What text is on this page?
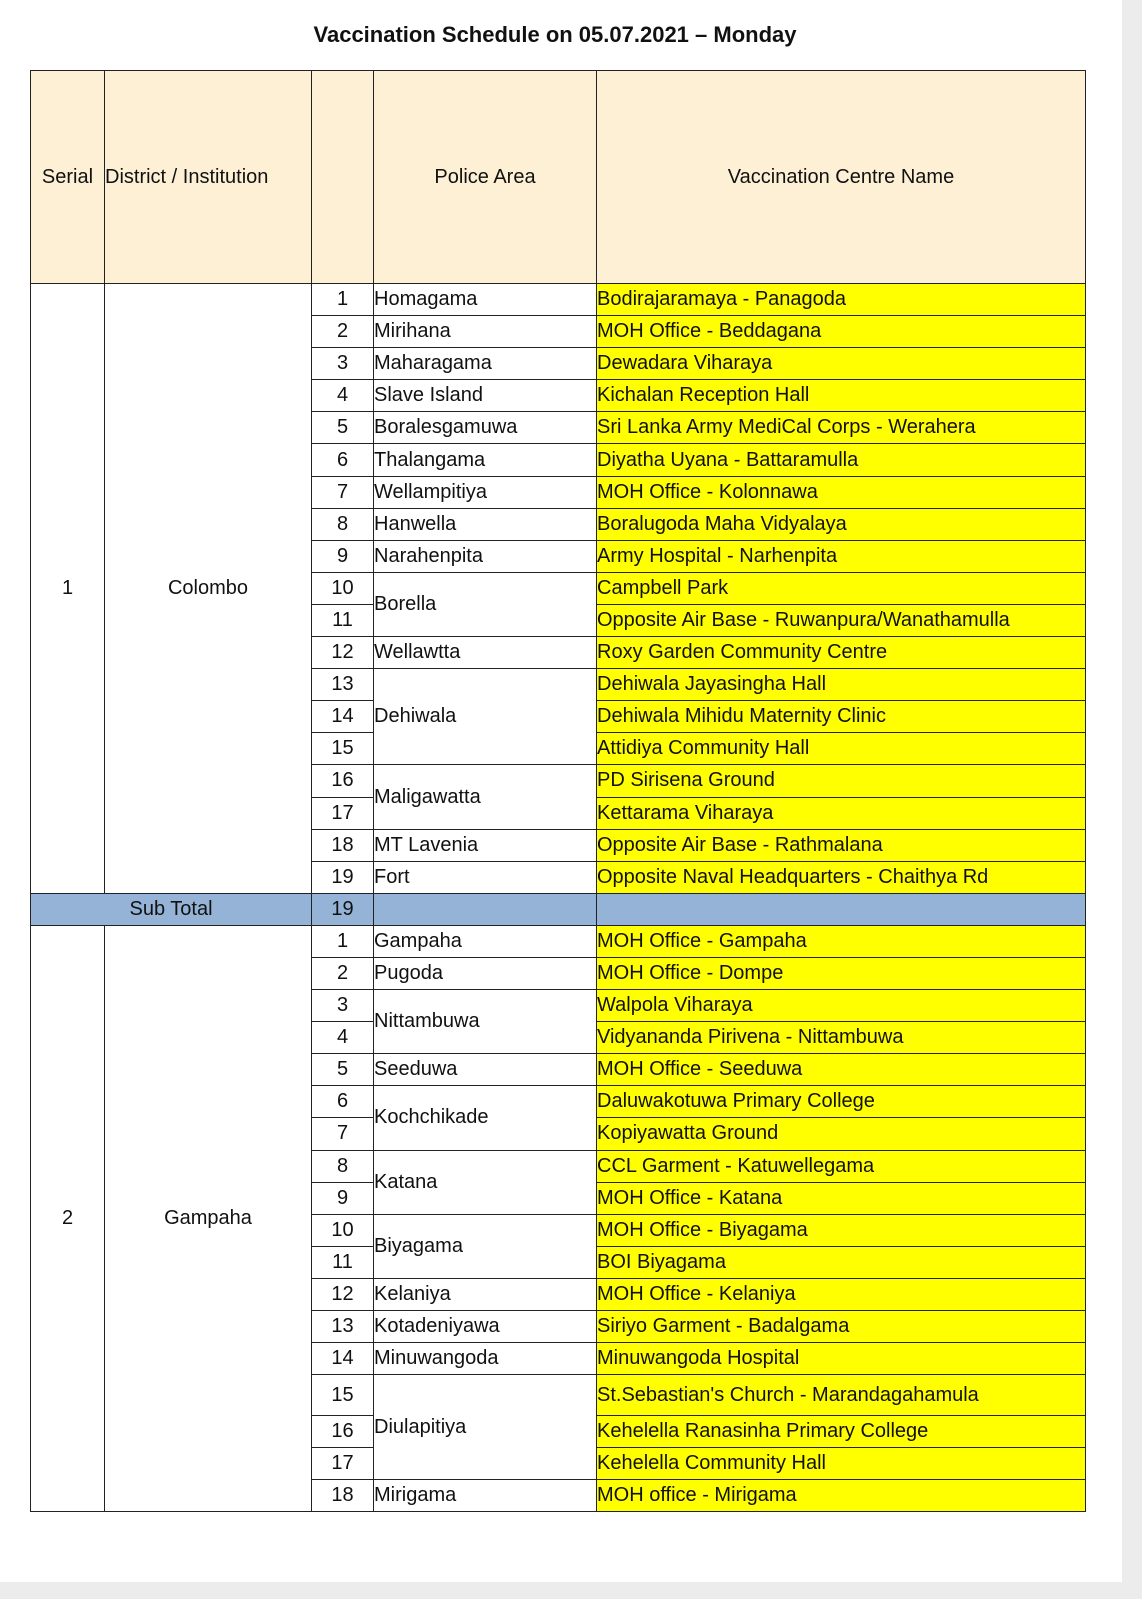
Vaccination Schedule on 05.07.2021 – Monday
Serial	District / Institution		Police Area	Vaccination Centre Name
1	Colombo	1	Homagama	Bodirajaramaya - Panagoda
		2	Mirihana	MOH Office - Beddagana
		3	Maharagama	Dewadara Viharaya
		4	Slave Island	Kichalan Reception Hall
		5	Boralesgamuwa	Sri Lanka Army MediCal Corps - Werahera
		6	Thalangama	Diyatha Uyana - Battaramulla
		7	Wellampitiya	MOH Office - Kolonnawa
		8	Hanwella	Boralugoda Maha Vidyalaya
		9	Narahenpita	Army Hospital - Narhenpita
		10	Borella	Campbell Park
		11		Opposite Air Base - Ruwanpura/Wanathamulla
		12	Wellawtta	Roxy Garden Community Centre
		13	Dehiwala	Dehiwala Jayasingha Hall
		14		Dehiwala Mihidu Maternity Clinic
		15		Attidiya Community Hall
		16	Maligawatta	PD Sirisena Ground
		17		Kettarama Viharaya
		18	MT Lavenia	Opposite Air Base - Rathmalana
		19	Fort	Opposite Naval Headquarters - Chaithya Rd
Sub Total		19		
2	Gampaha	1	Gampaha	MOH Office - Gampaha
		2	Pugoda	MOH Office - Dompe
		3	Nittambuwa	Walpola Viharaya
		4		Vidyananda Pirivena - Nittambuwa
		5	Seeduwa	MOH Office - Seeduwa
		6	Kochchikade	Daluwakotuwa Primary College
		7		Kopiyawatta Ground
		8	Katana	CCL Garment - Katuwellegama
		9		MOH Office - Katana
		10	Biyagama	MOH Office - Biyagama
		11		BOI Biyagama
		12	Kelaniya	MOH Office - Kelaniya
		13	Kotadeniyawa	Siriyo Garment - Badalgama
		14	Minuwangoda	Minuwangoda Hospital
		15	Diulapitiya	St.Sebastian's Church - Marandagahamula
		16		Kehelella Ranasinha Primary College
		17		Kehelella Community Hall
		18	Mirigama	MOH office - Mirigama
